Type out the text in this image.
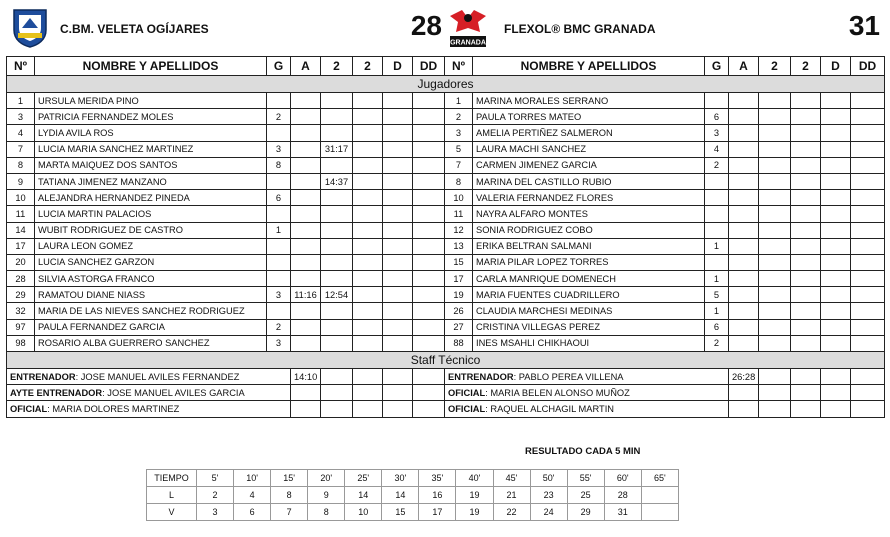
C.BM. VELETA OGÍJARES	28
GRANADA
FLEXOL® BMC GRANADA	31
Nº	NOMBRE Y APELLIDOS	G	A	2	2	D	DD	Nº	NOMBRE Y APELLIDOS	G	A	2	2	D	DD
Jugadores															
1	URSULA MERIDA PINO							1	MARINA MORALES SERRANO						
3	PATRICIA FERNANDEZ MOLES	2						2	PAULA TORRES MATEO	6					
4	LYDIA AVILA ROS							3	AMELIA PERTIÑEZ SALMERON	3					
7	LUCIA MARIA SANCHEZ MARTINEZ	3		31:17				5	LAURA MACHI SANCHEZ	4					
8	MARTA MAIQUEZ DOS SANTOS	8						7	CARMEN JIMENEZ GARCIA	2					
9	TATIANA JIMENEZ MANZANO			14:37				8	MARINA DEL CASTILLO RUBIO						
10	ALEJANDRA HERNANDEZ PINEDA	6						10	VALERIA FERNANDEZ FLORES						
11	LUCIA MARTIN PALACIOS							11	NAYRA ALFARO MONTES						
14	WUBIT RODRIGUEZ DE CASTRO	1						12	SONIA RODRIGUEZ COBO						
17	LAURA LEON GOMEZ							13	ERIKA BELTRAN SALMANI	1					
20	LUCIA SANCHEZ GARZON							15	MARIA PILAR LOPEZ TORRES						
28	SILVIA ASTORGA FRANCO							17	CARLA MANRIQUE DOMENECH	1					
29	RAMATOU DIANE NIASS	3	11:16	12:54				19	MARIA FUENTES CUADRILLERO	5					
32	MARIA DE LAS NIEVES SANCHEZ RODRIGUEZ							26	CLAUDIA MARCHESI MEDINAS	1					
97	PAULA FERNANDEZ GARCIA	2						27	CRISTINA VILLEGAS PEREZ	6					
98	ROSARIO ALBA GUERRERO SANCHEZ	3						88	INES MSAHLI CHIKHAOUI	2					
Staff Técnico															
ENTRENADOR: JOSE MANUEL AVILES FERNANDEZ			14:10					ENTRENADOR: PABLO PEREA VILLENA			26:28				
AYTE ENTRENADOR: JOSE MANUEL AVILES GARCIA								OFICIAL: MARIA BELEN ALONSO MUÑOZ							
OFICIAL: MARIA DOLORES MARTINEZ								OFICIAL: RAQUEL ALCHAGIL MARTIN							
RESULTADO CADA 5 MIN
TIEMPO	5'	10'	15'	20'	25'	30'	35'	40'	45'	50'	55'	60'	65'
L	2	4	8	9	14	14	16	19	21	23	25	28	
V	3	6	7	8	10	15	17	19	22	24	29	31	
